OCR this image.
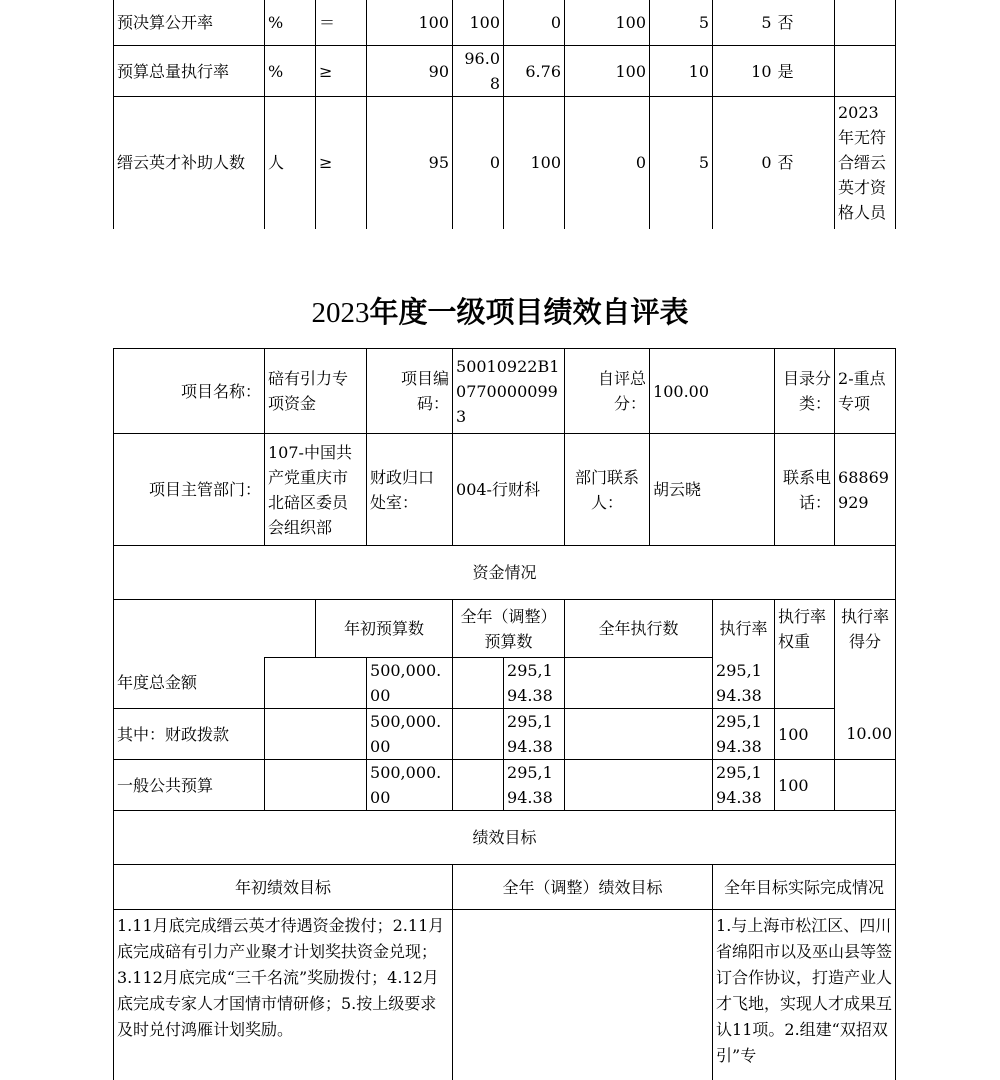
预决算公开率	%	＝	100	100	0	100	5	5	否	
预算总量执行率	%	≥	90	96.08	6.76	100	10	10	是	
缙云英才补助人数	人	≥	95	0	100	0	5	0	否	2023年无符合缙云英才资格人员
2023年度一级项目绩效自评表
项目名称：	碚有引力专项资金		项目编码：	50010922B107700000993		自评总分：	100.00		目录分类：	2-重点专项
项目主管部门：	107-中国共产党重庆市北碚区委员会组织部		财政归口处室：	004-行财科		部门联系人：	胡云晓		联系电话：	68869929
资金情况										
		年初预算数		全年（调整）预算数		全年执行数		执行率	执行率权重	执行率得分
年度总金额			500,000.00		295,194.38			295,194.38		
其中：财政拨款			500,000.00		295,194.38			295,194.38	100	10.00
一般公共预算			500,000.00		295,194.38			295,194.38	100	
绩效目标										
年初绩效目标				全年（调整）绩效目标				全年目标实际完成情况		
1.11月底完成缙云英才待遇资金拨付；2.11月底完成碚有引力产业聚才计划奖扶资金兑现；3.112月底完成“三千名流”奖励拨付；4.12月底完成专家人才国情市情研修；5.按上级要求及时兑付鸿雁计划奖励。								1.与上海市松江区、四川省绵阳市以及巫山县等签订合作协议，打造产业人才飞地，实现人才成果互认11项。2.组建“双招双引”专		
